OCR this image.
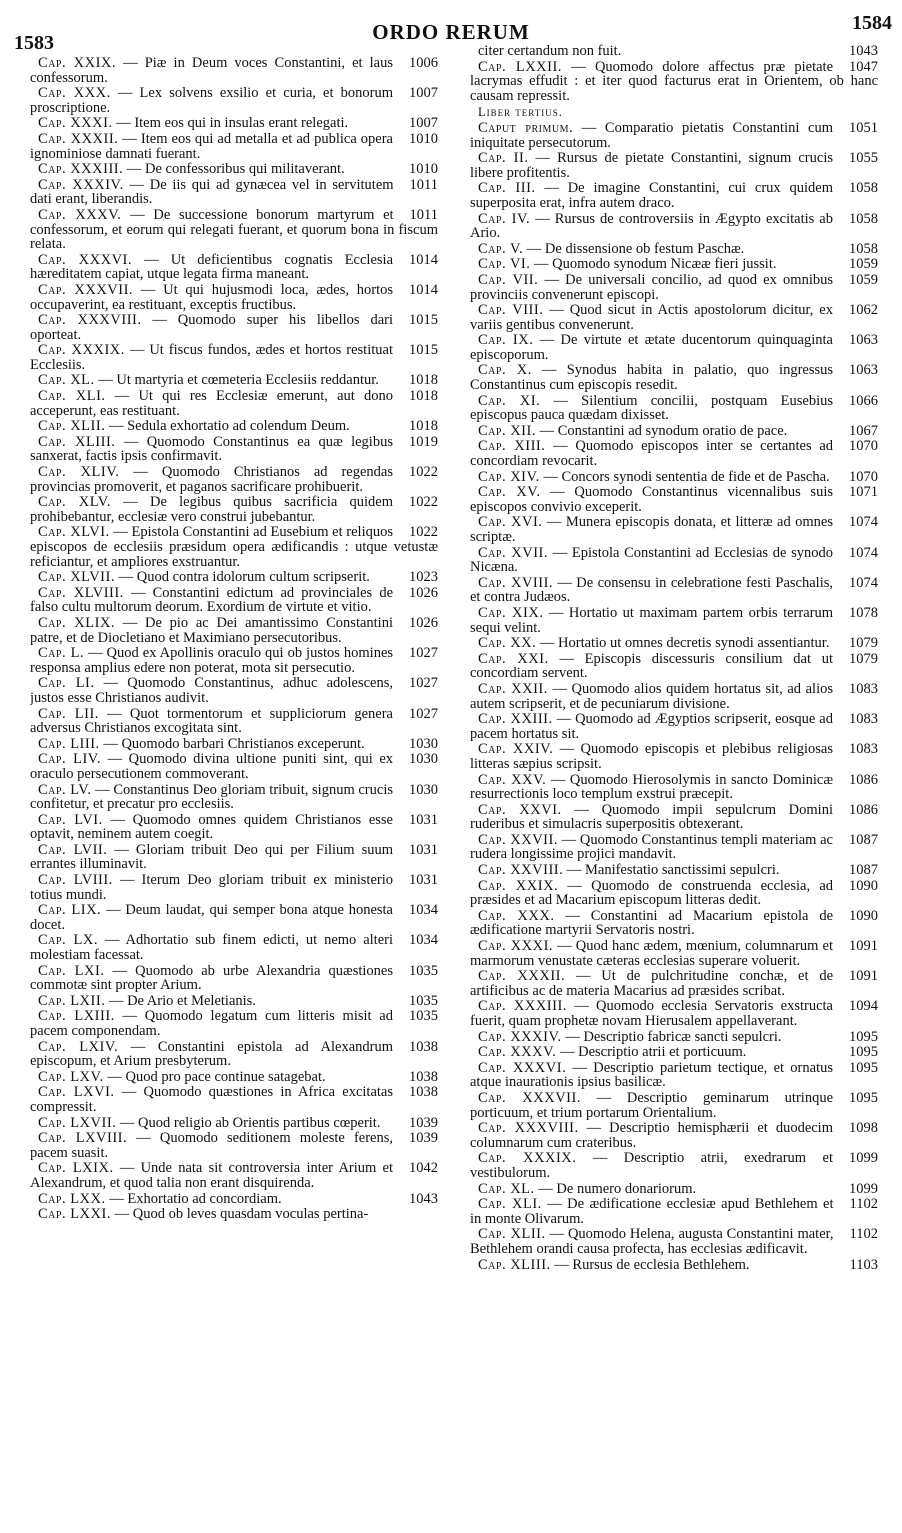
1583	ORDO RERUM	1584
1006
Cap. XXIX. — Piæ in Deum voces Constantini, et laus confessorum.
1007
Cap. XXX. — Lex solvens exsilio et curia, et bonorum proscriptione.
1007
Cap. XXXI. — Item eos qui in insulas erant relegati.
1010
Cap. XXXII. — Item eos qui ad metalla et ad publica opera ignominiose damnati fuerant.
1010
Cap. XXXIII. — De confessoribus qui militaverant.
1011
Cap. XXXIV. — De iis qui ad gynæcea vel in servitutem dati erant, liberandis.
1011
Cap. XXXV. — De successione bonorum martyrum et confessorum, et eorum qui relegati fuerant, et quorum bona in fiscum relata.
1014
Cap. XXXVI. — Ut deficientibus cognatis Ecclesia hæreditatem capiat, utque legata firma maneant.
1014
Cap. XXXVII. — Ut qui hujusmodi loca, ædes, hortos occupaverint, ea restituant, exceptis fructibus.
1015
Cap. XXXVIII. — Quomodo super his libellos dari oporteat.
1015
Cap. XXXIX. — Ut fiscus fundos, ædes et hortos restituat Ecclesiis.
1018
Cap. XL. — Ut martyria et cœmeteria Ecclesiis reddantur.
1018
Cap. XLI. — Ut qui res Ecclesiæ emerunt, aut dono acceperunt, eas restituant.
1018
Cap. XLII. — Sedula exhortatio ad colendum Deum.
1019
Cap. XLIII. — Quomodo Constantinus ea quæ legibus sanxerat, factis ipsis confirmavit.
1022
Cap. XLIV. — Quomodo Christianos ad regendas provincias promoverit, et paganos sacrificare prohibuerit.
1022
Cap. XLV. — De legibus quibus sacrificia quidem prohibebantur, ecclesiæ vero construi jubebantur.
1022
Cap. XLVI. — Epistola Constantini ad Eusebium et reliquos episcopos de ecclesiis præsidum opera ædificandis : utque vetustæ reficiantur, et ampliores exstruantur.
1023
Cap. XLVII. — Quod contra idolorum cultum scripserit.
1026
Cap. XLVIII. — Constantini edictum ad provinciales de falso cultu multorum deorum. Exordium de virtute et vitio.
1026
Cap. XLIX. — De pio ac Dei amantissimo Constantini patre, et de Diocletiano et Maximiano persecutoribus.
1027
Cap. L. — Quod ex Apollinis oraculo qui ob justos homines responsa amplius edere non poterat, mota sit persecutio.
1027
Cap. LI. — Quomodo Constantinus, adhuc adolescens, justos esse Christianos audivit.
1027
Cap. LII. — Quot tormentorum et suppliciorum genera adversus Christianos excogitata sint.
1030
Cap. LIII. — Quomodo barbari Christianos exceperunt.
1030
Cap. LIV. — Quomodo divina ultione puniti sint, qui ex oraculo persecutionem commoverant.
1030
Cap. LV. — Constantinus Deo gloriam tribuit, signum crucis confitetur, et precatur pro ecclesiis.
1031
Cap. LVI. — Quomodo omnes quidem Christianos esse optavit, neminem autem coegit.
1031
Cap. LVII. — Gloriam tribuit Deo qui per Filium suum errantes illuminavit.
1031
Cap. LVIII. — Iterum Deo gloriam tribuit ex ministerio totius mundi.
1034
Cap. LIX. — Deum laudat, qui semper bona atque honesta docet.
1034
Cap. LX. — Adhortatio sub finem edicti, ut nemo alteri molestiam facessat.
1035
Cap. LXI. — Quomodo ab urbe Alexandria quæstiones commotæ sint propter Arium.
1035
Cap. LXII. — De Ario et Meletianis.
1035
Cap. LXIII. — Quomodo legatum cum litteris misit ad pacem componendam.
1038
Cap. LXIV. — Constantini epistola ad Alexandrum episcopum, et Arium presbyterum.
1038
Cap. LXV. — Quod pro pace continue satagebat.
1038
Cap. LXVI. — Quomodo quæstiones in Africa excitatas compressit.
1039
Cap. LXVII. — Quod religio ab Orientis partibus cœperit.
1039
Cap. LXVIII. — Quomodo seditionem moleste ferens, pacem suasit.
1042
Cap. LXIX. — Unde nata sit controversia inter Arium et Alexandrum, et quod talia non erant disquirenda.
1043
Cap. LXX. — Exhortatio ad concordiam.
Cap. LXXI. — Quod ob leves quasdam voculas pertina-
1043
citer certandum non fuit.
1047
Cap. LXXII. — Quomodo dolore affectus præ pietate lacrymas effudit : et iter quod facturus erat in Orientem, ob hanc causam repressit.
Liber tertius.
1051
Caput primum. — Comparatio pietatis Constantini cum iniquitate persecutorum.
1055
Cap. II. — Rursus de pietate Constantini, signum crucis libere profitentis.
1058
Cap. III. — De imagine Constantini, cui crux quidem superposita erat, infra autem draco.
1058
Cap. IV. — Rursus de controversiis in Ægypto excitatis ab Ario.
1058
Cap. V. — De dissensione ob festum Paschæ.
1059
Cap. VI. — Quomodo synodum Nicææ fieri jussit.
1059
Cap. VII. — De universali concilio, ad quod ex omnibus provinciis convenerunt episcopi.
1062
Cap. VIII. — Quod sicut in Actis apostolorum dicitur, ex variis gentibus convenerunt.
1063
Cap. IX. — De virtute et ætate ducentorum quinquaginta episcoporum.
1063
Cap. X. — Synodus habita in palatio, quo ingressus Constantinus cum episcopis resedit.
1066
Cap. XI. — Silentium concilii, postquam Eusebius episcopus pauca quædam dixisset.
1067
Cap. XII. — Constantini ad synodum oratio de pace.
1070
Cap. XIII. — Quomodo episcopos inter se certantes ad concordiam revocarit.
1070
Cap. XIV. — Concors synodi sententia de fide et de Pascha.
1071
Cap. XV. — Quomodo Constantinus vicennalibus suis episcopos convivio exceperit.
1074
Cap. XVI. — Munera episcopis donata, et litteræ ad omnes scriptæ.
1074
Cap. XVII. — Epistola Constantini ad Ecclesias de synodo Nicæna.
1074
Cap. XVIII. — De consensu in celebratione festi Paschalis, et contra Judæos.
1078
Cap. XIX. — Hortatio ut maximam partem orbis terrarum sequi velint.
1079
Cap. XX. — Hortatio ut omnes decretis synodi assentiantur.
1079
Cap. XXI. — Episcopis discessuris consilium dat ut concordiam servent.
1083
Cap. XXII. — Quomodo alios quidem hortatus sit, ad alios autem scripserit, et de pecuniarum divisione.
1083
Cap. XXIII. — Quomodo ad Ægyptios scripserit, eosque ad pacem hortatus sit.
1083
Cap. XXIV. — Quomodo episcopis et plebibus religiosas litteras sæpius scripsit.
1086
Cap. XXV. — Quomodo Hierosolymis in sancto Dominicæ resurrectionis loco templum exstrui præcepit.
1086
Cap. XXVI. — Quomodo impii sepulcrum Domini ruderibus et simulacris superpositis obtexerant.
1087
Cap. XXVII. — Quomodo Constantinus templi materiam ac rudera longissime projici mandavit.
1087
Cap. XXVIII. — Manifestatio sanctissimi sepulcri.
1090
Cap. XXIX. — Quomodo de construenda ecclesia, ad præsides et ad Macarium episcopum litteras dedit.
1090
Cap. XXX. — Constantini ad Macarium epistola de ædificatione martyrii Servatoris nostri.
1091
Cap. XXXI. — Quod hanc ædem, mœnium, columnarum et marmorum venustate cæteras ecclesias superare voluerit.
1091
Cap. XXXII. — Ut de pulchritudine conchæ, et de artificibus ac de materia Macarius ad præsides scribat.
1094
Cap. XXXIII. — Quomodo ecclesia Servatoris exstructa fuerit, quam prophetæ novam Hierusalem appellaverant.
1095
Cap. XXXIV. — Descriptio fabricæ sancti sepulcri.
1095
Cap. XXXV. — Descriptio atrii et porticuum.
1095
Cap. XXXVI. — Descriptio parietum tectique, et ornatus atque inaurationis ipsius basilicæ.
1095
Cap. XXXVII. — Descriptio geminarum utrinque porticuum, et trium portarum Orientalium.
1098
Cap. XXXVIII. — Descriptio hemisphærii et duodecim columnarum cum crateribus.
1099
Cap. XXXIX. — Descriptio atrii, exedrarum et vestibulorum.
1099
Cap. XL. — De numero donariorum.
1102
Cap. XLI. — De ædificatione ecclesiæ apud Bethlehem et in monte Olivarum.
1102
Cap. XLII. — Quomodo Helena, augusta Constantini mater, Bethlehem orandi causa profecta, has ecclesias ædificavit.
1103
Cap. XLIII. — Rursus de ecclesia Bethlehem.
